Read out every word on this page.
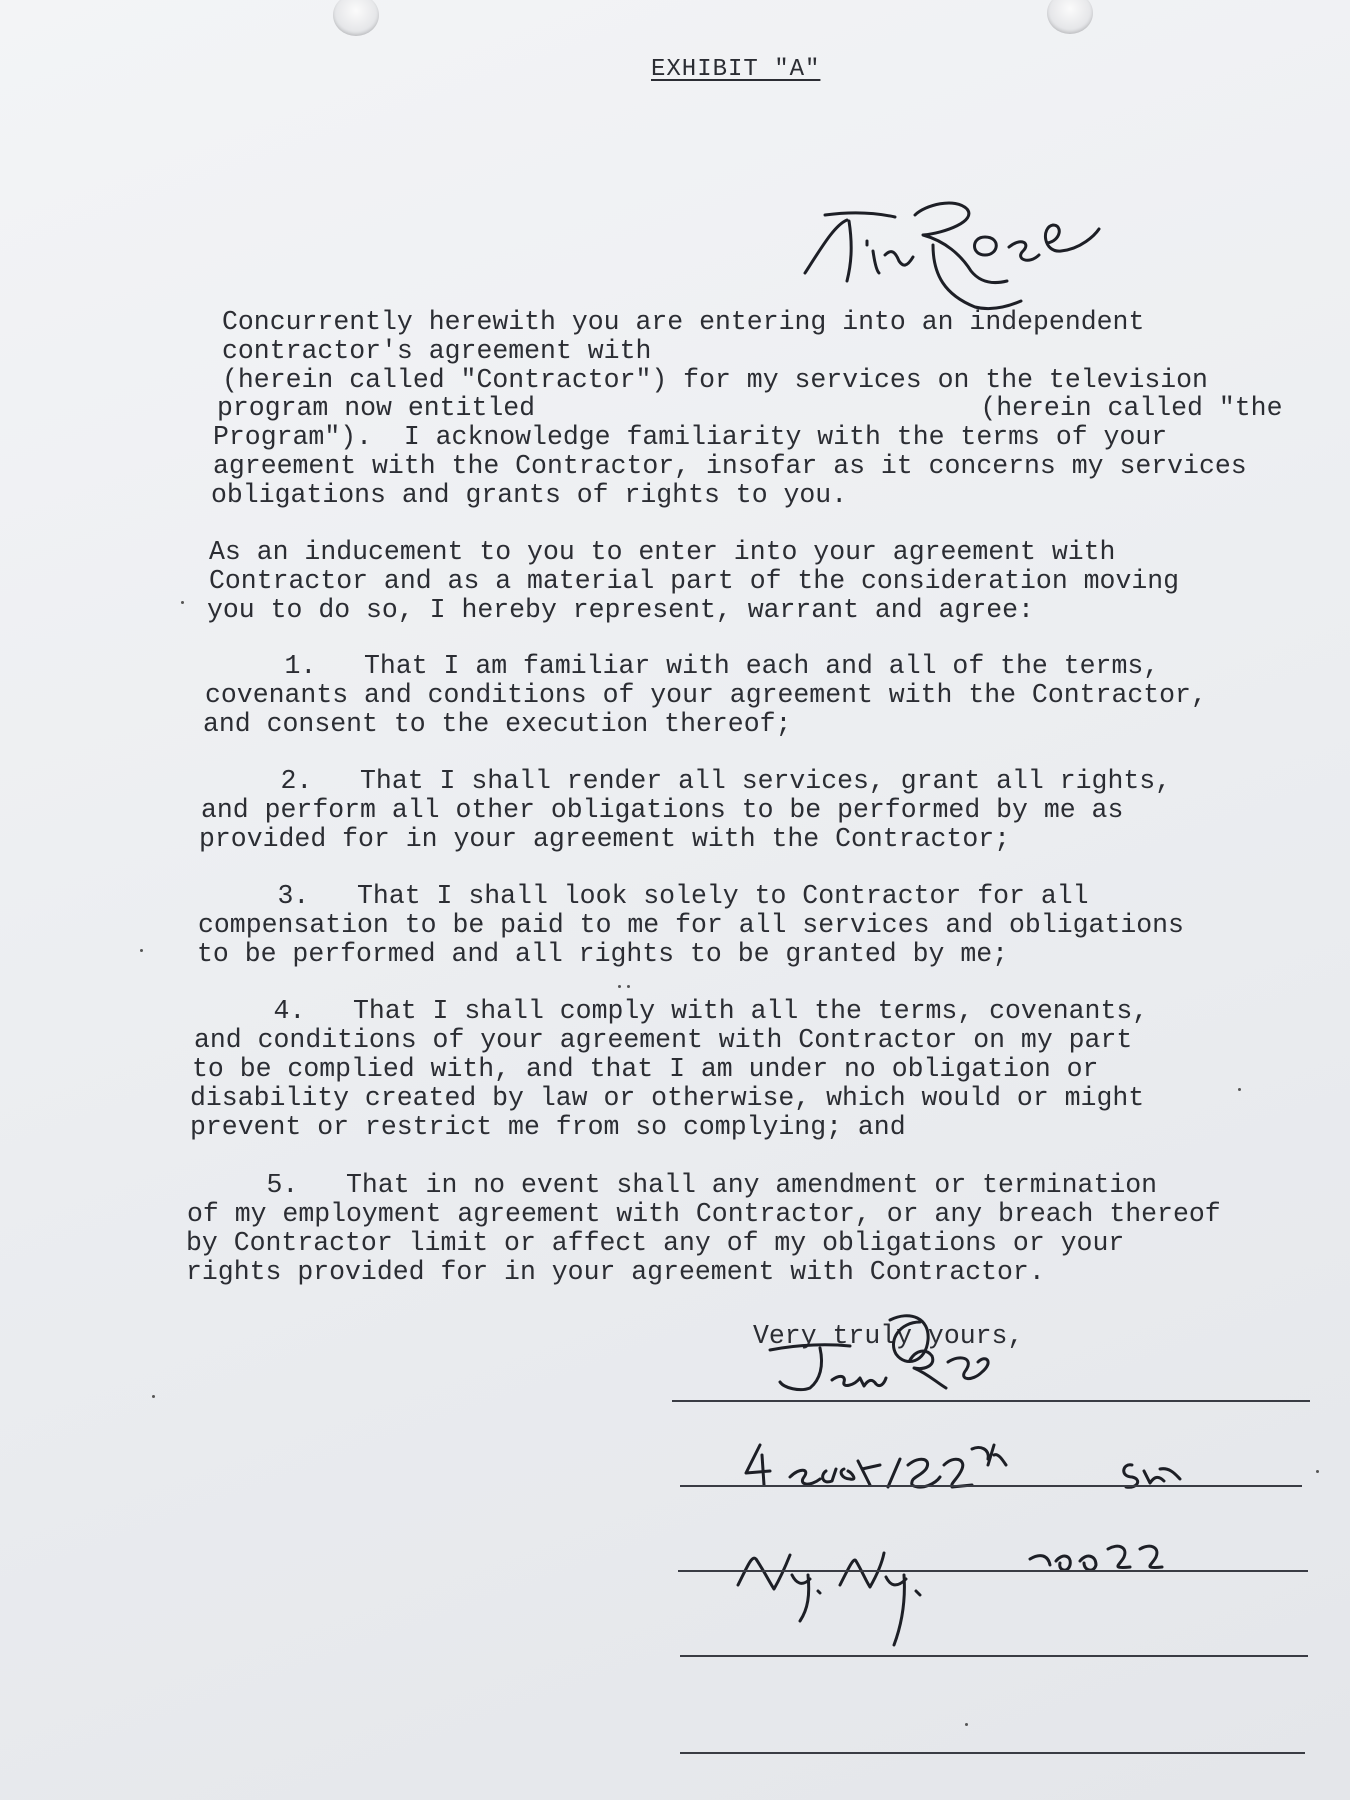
EXHIBIT "A"
Concurrently herewith you are entering into an independent
contractor's agreement with
(herein called "Contractor") for my services on the television
program now entitled                            (herein called "the
Program").  I acknowledge familiarity with the terms of your
agreement with the Contractor, insofar as it concerns my services
obligations and grants of rights to you.
As an inducement to you to enter into your agreement with
Contractor and as a material part of the consideration moving
you to do so, I hereby represent, warrant and agree:
1.   That I am familiar with each and all of the terms,
covenants and conditions of your agreement with the Contractor,
and consent to the execution thereof;
2.   That I shall render all services, grant all rights,
and perform all other obligations to be performed by me as
provided for in your agreement with the Contractor;
3.   That I shall look solely to Contractor for all
compensation to be paid to me for all services and obligations
to be performed and all rights to be granted by me;
4.   That I shall comply with all the terms, covenants,
and conditions of your agreement with Contractor on my part
to be complied with, and that I am under no obligation or
disability created by law or otherwise, which would or might
prevent or restrict me from so complying; and
5.   That in no event shall any amendment or termination
of my employment agreement with Contractor, or any breach thereof
by Contractor limit or affect any of my obligations or your
rights provided for in your agreement with Contractor.
Very truly yours,
